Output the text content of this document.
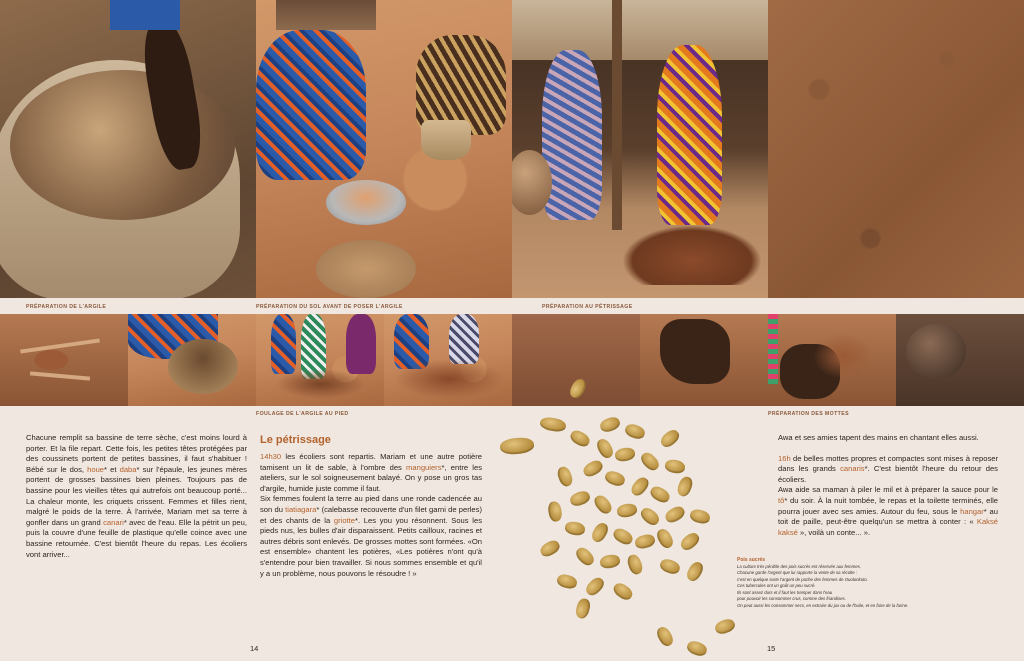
PRÉPARATION DE L'ARGILE	PRÉPARATION DU SOL AVANT DE POSER L'ARGILE	PRÉPARATION AU PÉTRISSAGE
FOULAGE DE L'ARGILE AU PIED	PRÉPARATION DES MOTTES

Chacune remplit sa bassine de terre sèche, c'est moins lourd à porter. Et la file repart. Cette fois, les petites têtes protégées par des coussinets portent de petites bassines, il faut s'habituer ! Bébé sur le dos, houe* et daba* sur l'épaule, les jeunes mères portent de grosses bassines bien pleines. Toujours pas de bassine pour les vieilles têtes qui autrefois ont beaucoup porté... La chaleur monte, les criquets crissent. Femmes et filles rient, malgré le poids de la terre. À l'arrivée, Mariam met sa terre à gonfler dans un grand canari* avec de l'eau. Elle la pétrit un peu, puis la couvre d'une feuille de plastique qu'elle coince avec une bassine retournée. C'est bientôt l'heure du repas. Les écoliers vont arriver...

Le pétrissage

14h30 les écoliers sont repartis. Mariam et une autre potière tamisent un lit de sable, à l'ombre des manguiers*, entre les ateliers, sur le sol soigneusement balayé. On y pose un gros tas d'argile, humide juste comme il faut.

Six femmes foulent la terre au pied dans une ronde cadencée au son du tiatiagara* (calebasse recouverte d'un filet garni de perles) et des chants de la griotte*. Les you you résonnent. Sous les pieds nus, les bulles d'air disparaissent. Petits cailloux, racines et autres débris sont enlevés. De grosses mottes sont formées. «On est ensemble» chantent les potières, «Les potières n'ont qu'à s'entendre pour bien travailler. Si nous sommes ensemble et qu'il y a un problème, nous pouvons le résoudre ! »

Awa et ses amies tapent des mains en chantant elles aussi.

16h de belles mottes propres et compactes sont mises à reposer dans les grands canaris*. C'est bientôt l'heure du retour des écoliers.

Awa aide sa maman à piler le mil et à préparer la sauce pour le tô* du soir. À la nuit tombée, le repas et la toilette terminés, elle pourra jouer avec ses amies. Autour du feu, sous le hangar* au toit de paille, peut-être quelqu'un se mettra à conter : « Kaksé kaksé », voilà un conte... ».

Pois sucrés
La culture très pénible des pois sucrés est réservée aux femmes.
Chacune garde l'argent que lui rapporte la vente de sa récolte :
c'est en quelque sorte l'argent de poche des femmes de Ouolonkoto.
Ces tubercules ont un goût un peu sucré.
Ils sont assez durs et il faut les tremper dans l'eau
pour pouvoir les consommer crus, comme des friandises.
On peut aussi les consommer secs, en extraire du jus ou de l'huile, et en faire de la farine.
14	15
